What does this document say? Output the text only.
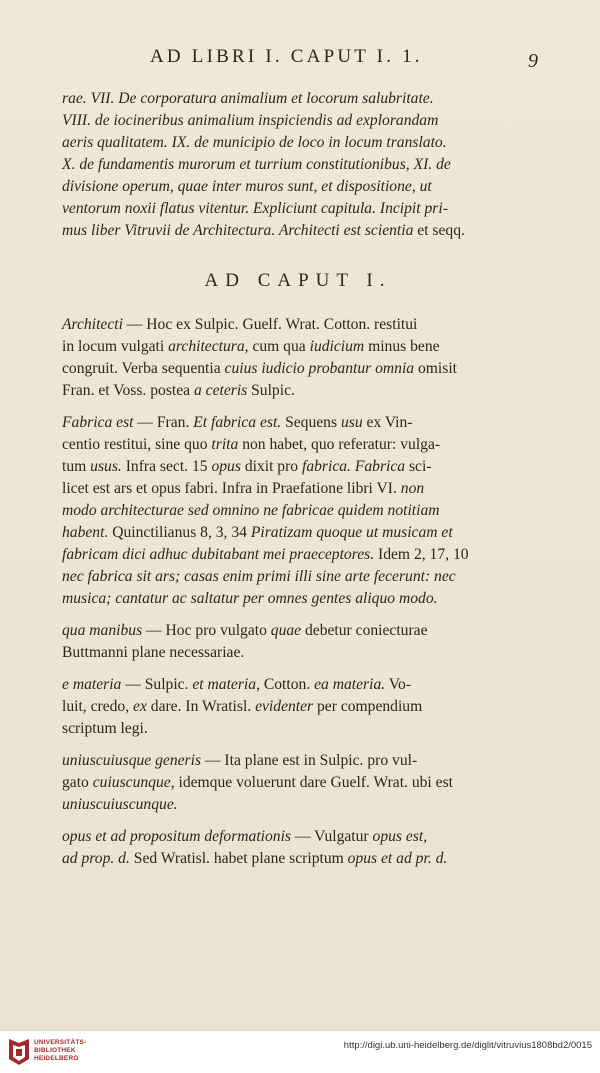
AD LIBRI I. CAPUT I. 1.	9

rae. VII. De corporatura animalium et locorum salubritate.
VIII. de iocineribus animalium inspiciendis ad explorandam
aeris qualitatem. IX. de municipio de loco in locum translato.
X. de fundamentis murorum et turrium constitutionibus, XI. de
divisione operum, quae inter muros sunt, et dispositione, ut
ventorum noxii flatus vitentur. Expliciunt capitula. Incipit pri-
mus liber Vitruvii de Architectura. Architecti est scientia et seqq.

AD CAPUT I.

Architecti — Hoc ex Sulpic. Guelf. Wrat. Cotton. restitui
in locum vulgati architectura, cum qua iudicium minus bene
congruit. Verba sequentia cuius iudicio probantur omnia omisit
Fran. et Voss. postea a ceteris Sulpic.

Fabrica est — Fran. Et fabrica est. Sequens usu ex Vin-
centio restitui, sine quo trita non habet, quo referatur: vulga-
tum usus. Infra sect. 15 opus dixit pro fabrica. Fabrica sci-
licet est ars et opus fabri. Infra in Praefatione libri VI. non
modo architecturae sed omnino ne fabricae quidem notitiam
habent. Quinctilianus 8, 3, 34 Piratizam quoque ut musicam et
fabricam dici adhuc dubitabant mei praeceptores. Idem 2, 17, 10
nec fabrica sit ars; casas enim primi illi sine arte fecerunt: nec
musica; cantatur ac saltatur per omnes gentes aliquo modo.

qua manibus — Hoc pro vulgato quae debetur coniecturae
Buttmanni plane necessariae.

e materia — Sulpic. et materia, Cotton. ea materia. Vo-
luit, credo, ex dare. In Wratisl. evidenter per compendium
scriptum legi.

uniuscuiusque generis — Ita plane est in Sulpic. pro vul-
gato cuiuscunque, idemque voluerunt dare Guelf. Wrat. ubi est
uniuscuiuscunque.

opus et ad propositum deformationis — Vulgatur opus est,
ad prop. d. Sed Wratisl. habet plane scriptum opus et ad pr. d.

UNIVERSITÄTS-
BIBLIOTHEK
HEIDELBERG
http://digi.ub.uni-heidelberg.de/diglit/vitruvius1808bd2/0015
